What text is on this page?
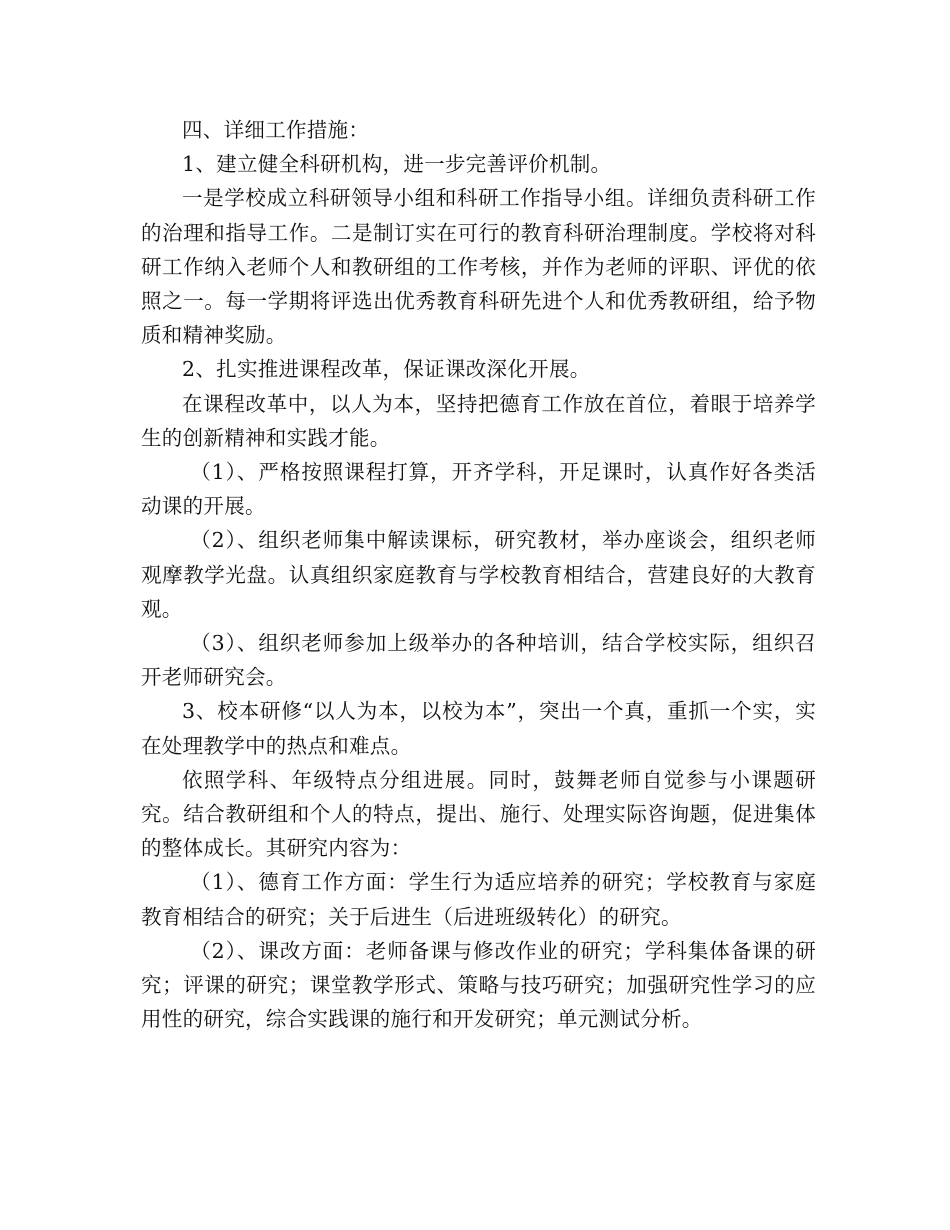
四、详细工作措施：

1、建立健全科研机构，进一步完善评价机制。

一是学校成立科研领导小组和科研工作指导小组。详细负责科研工作的治理和指导工作。二是制订实在可行的教育科研治理制度。学校将对科研工作纳入老师个人和教研组的工作考核，并作为老师的评职、评优的依照之一。每一学期将评选出优秀教育科研先进个人和优秀教研组，给予物质和精神奖励。

2、扎实推进课程改革，保证课改深化开展。

在课程改革中，以人为本，坚持把德育工作放在首位，着眼于培养学生的创新精神和实践才能。

（1）、严格按照课程打算，开齐学科，开足课时，认真作好各类活动课的开展。

（2）、组织老师集中解读课标，研究教材，举办座谈会，组织老师观摩教学光盘。认真组织家庭教育与学校教育相结合，营建良好的大教育观。

（3）、组织老师参加上级举办的各种培训，结合学校实际，组织召开老师研究会。

3、校本研修“以人为本，以校为本”，突出一个真，重抓一个实，实在处理教学中的热点和难点。

依照学科、年级特点分组进展。同时，鼓舞老师自觉参与小课题研究。结合教研组和个人的特点，提出、施行、处理实际咨询题，促进集体的整体成长。其研究内容为：

（1）、德育工作方面：学生行为适应培养的研究；学校教育与家庭教育相结合的研究；关于后进生（后进班级转化）的研究。

（2）、课改方面：老师备课与修改作业的研究；学科集体备课的研究；评课的研究；课堂教学形式、策略与技巧研究；加强研究性学习的应用性的研究，综合实践课的施行和开发研究；单元测试分析。
